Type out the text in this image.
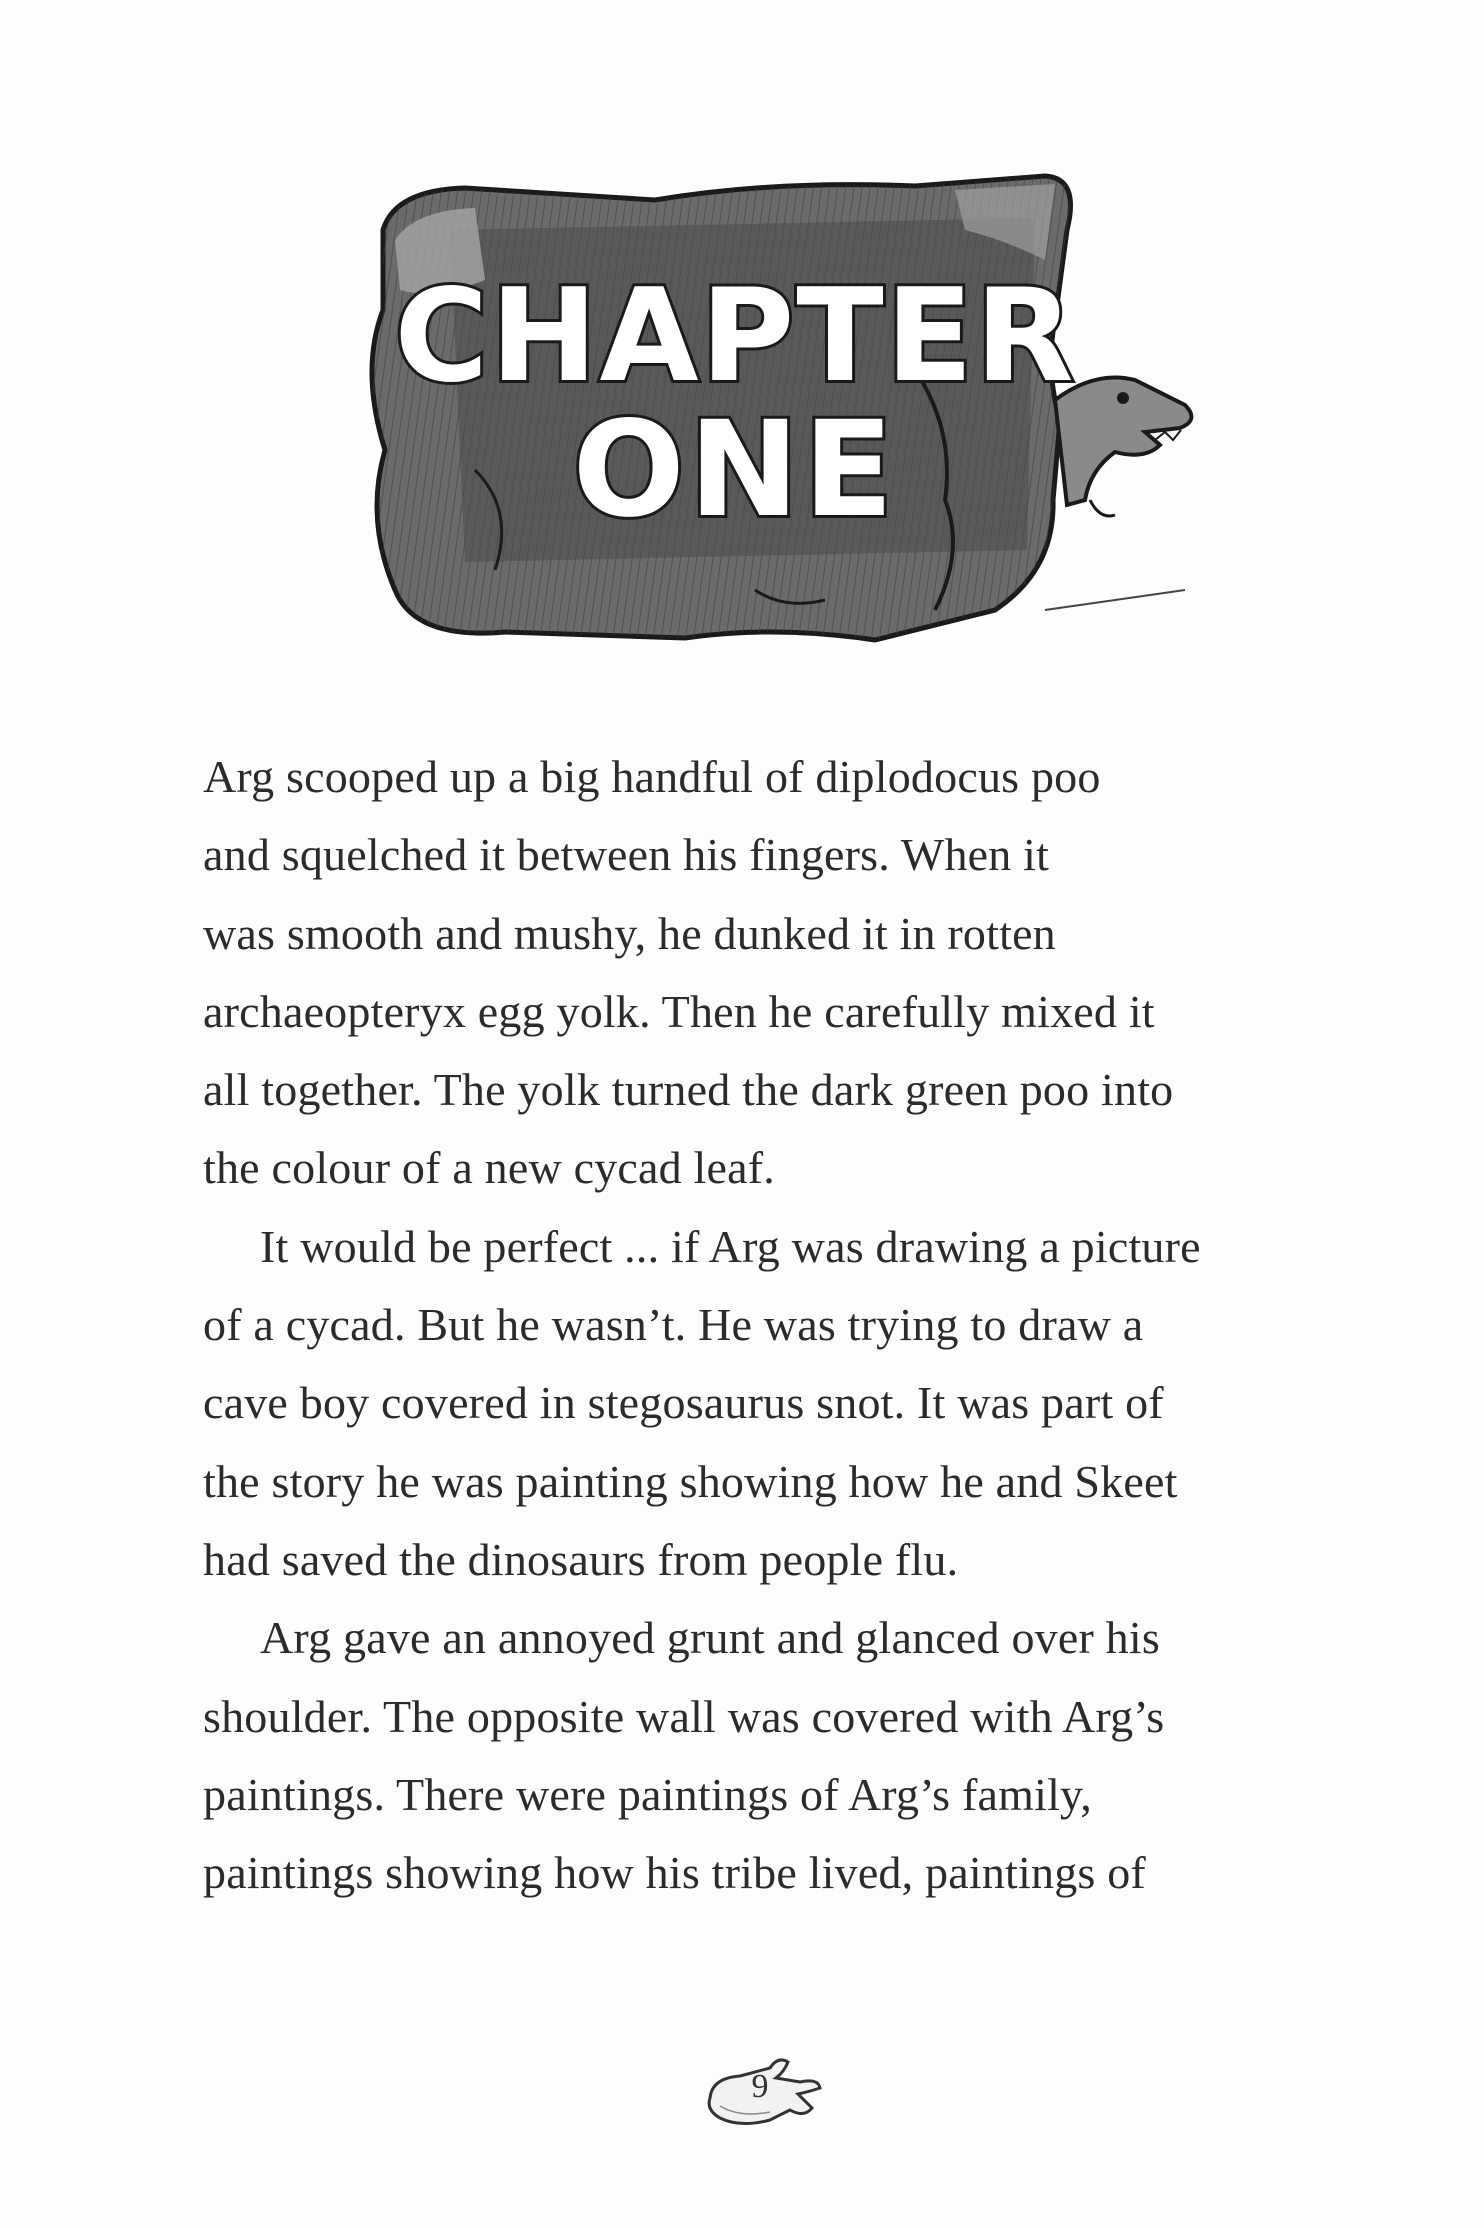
CHAPTER
ONE
Arg scooped up a big handful of diplodocus poo
and squelched it between his fingers. When it
was smooth and mushy, he dunked it in rotten
archaeopteryx egg yolk. Then he carefully mixed it
all together. The yolk turned the dark green poo into
the colour of a new cycad leaf.
It would be perfect ... if Arg was drawing a picture
of a cycad. But he wasn’t. He was trying to draw a
cave boy covered in stegosaurus snot. It was part of
the story he was painting showing how he and Skeet
had saved the dinosaurs from people flu.
Arg gave an annoyed grunt and glanced over his
shoulder. The opposite wall was covered with Arg’s
paintings. There were paintings of Arg’s family,
paintings showing how his tribe lived, paintings of
9
